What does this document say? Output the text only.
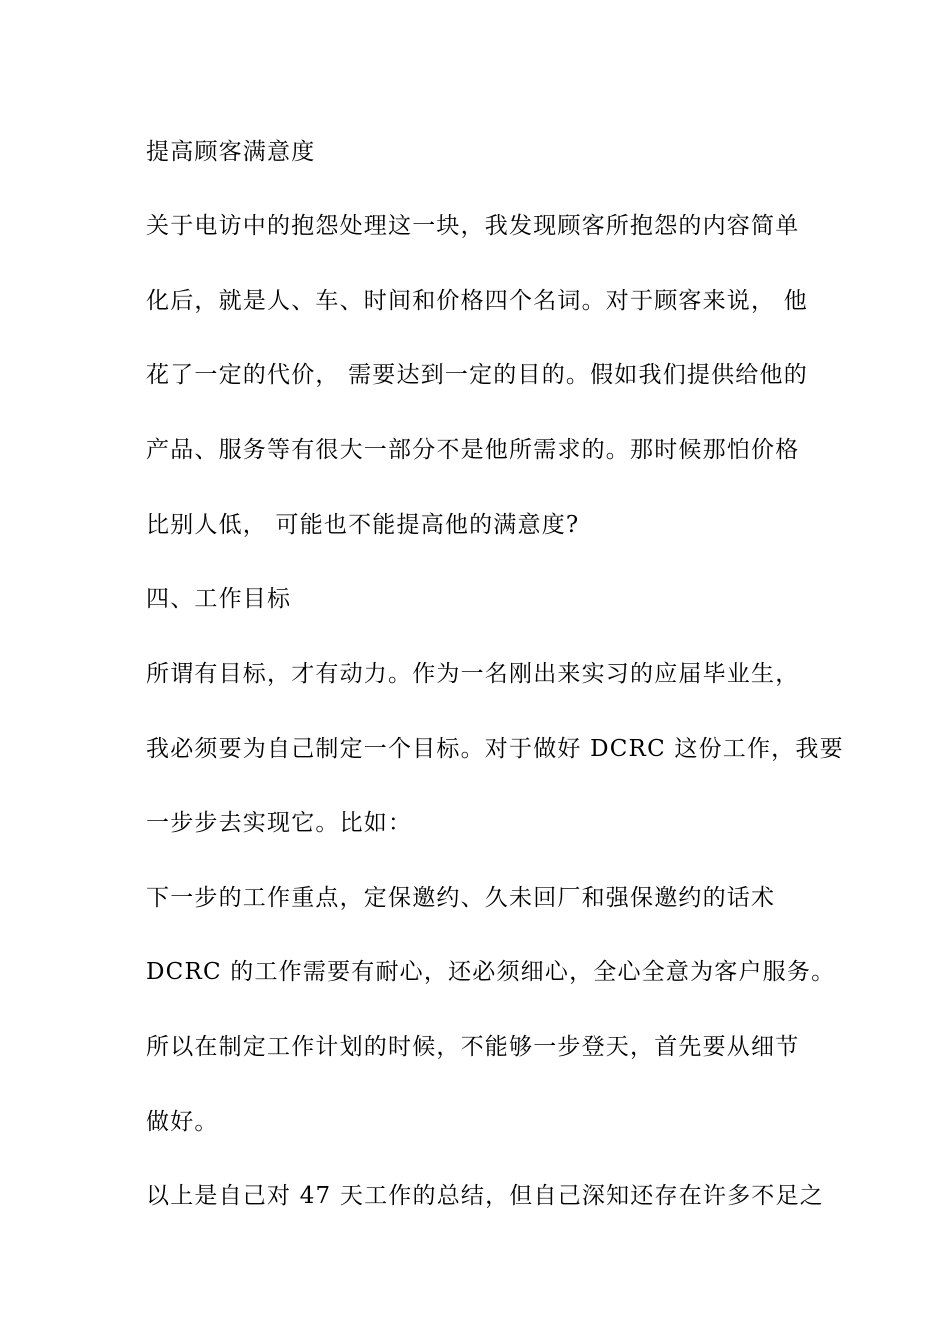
提高顾客满意度
关于电访中的抱怨处理这一块，我发现顾客所抱怨的内容简单
化后，就是人、车、时间和价格四个名词。对于顾客来说， 他
花了一定的代价， 需要达到一定的目的。假如我们提供给他的
产品、服务等有很大一部分不是他所需求的。那时候那怕价格
比别人低， 可能也不能提高他的满意度?
四、工作目标
所谓有目标，才有动力。作为一名刚出来实习的应届毕业生，
我必须要为自己制定一个目标。对于做好 DCRC 这份工作，我要
一步步去实现它。比如：
下一步的工作重点，定保邀约、久未回厂和强保邀约的话术
DCRC 的工作需要有耐心，还必须细心，全心全意为客户服务。
所以在制定工作计划的时候，不能够一步登天，首先要从细节
做好。
以上是自己对 47 天工作的总结，但自己深知还存在许多不足之
